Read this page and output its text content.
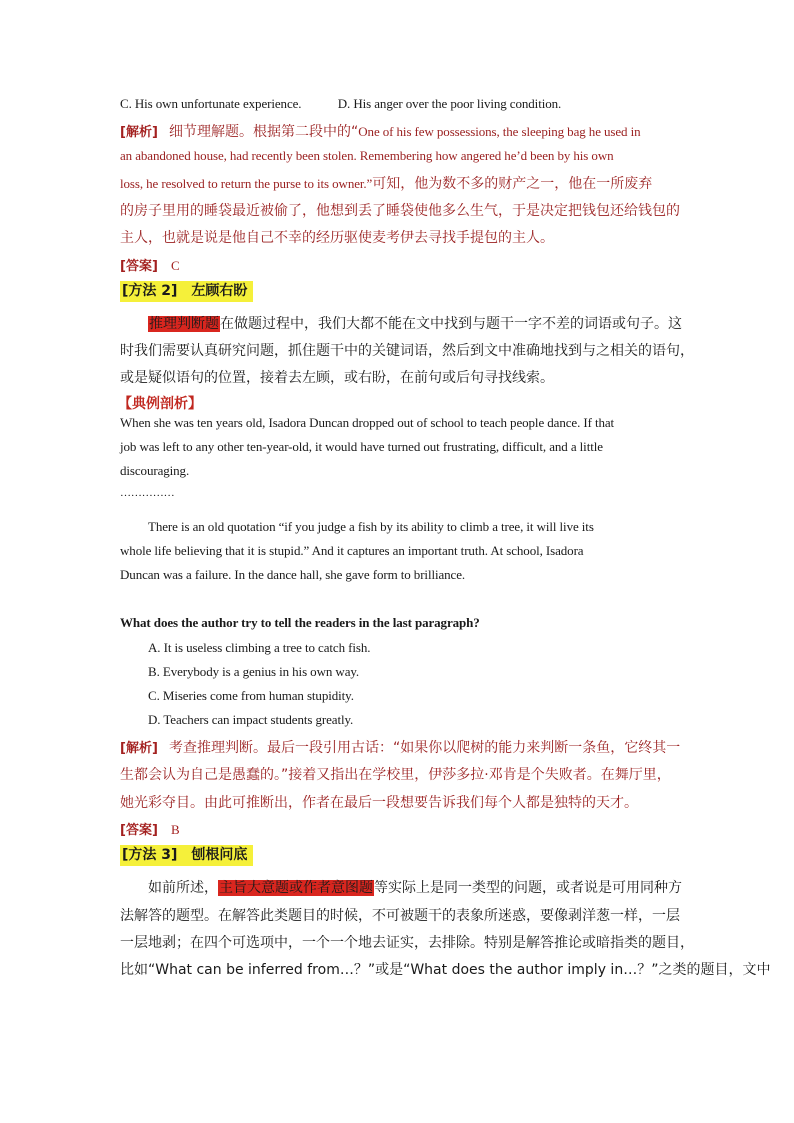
C. His own unfortunate experience.	D. His anger over the poor living condition.
[解析] 细节理解题。根据第二段中的“One of his few possessions, the sleeping bag he used in
an abandoned house, had recently been stolen. Remembering how angered he’d been by his own
loss, he resolved to return the purse to its owner.”可知，他为数不多的财产之一，他在一所废弃
的房子里用的睡袋最近被偷了，他想到丢了睡袋使他多么生气，于是决定把钱包还给钱包的
主人，也就是说是他自己不幸的经历驱使麦考伊去寻找手提包的主人。
[答案] C
[方法 2]　左顾右盼
推理判断题在做题过程中，我们大都不能在文中找到与题干一字不差的词语或句子。这
时我们需要认真研究问题，抓住题干中的关键词语，然后到文中准确地找到与之相关的语句，
或是疑似语句的位置，接着去左顾，或右盼，在前句或后句寻找线索。
【典例剖析】
When she was ten years old, Isadora Duncan dropped out of school to teach people dance. If that
job was left to any other ten-year-old, it would have turned out frustrating, difficult, and a little
discouraging.
……………
There is an old quotation “if you judge a fish by its ability to climb a tree, it will live its
whole life believing that it is stupid.” And it captures an important truth. At school, Isadora
Duncan was a failure. In the dance hall, she gave form to brilliance.
What does the author try to tell the readers in the last paragraph?
A. It is useless climbing a tree to catch fish.
B. Everybody is a genius in his own way.
C. Miseries come from human stupidity.
D. Teachers can impact students greatly.
[解析] 考查推理判断。最后一段引用古话：“如果你以爬树的能力来判断一条鱼，它终其一
生都会认为自己是愚蠢的。”接着又指出在学校里，伊莎多拉·邓肯是个失败者。在舞厅里，
她光彩夺目。由此可推断出，作者在最后一段想要告诉我们每个人都是独特的天才。
[答案] B
[方法 3]　刨根问底
如前所述，主旨大意题或作者意图题等实际上是同一类型的问题，或者说是可用同种方
法解答的题型。在解答此类题目的时候，不可被题干的表象所迷惑，要像剥洋葱一样，一层
一层地剥；在四个可选项中，一个一个地去证实，去排除。特别是解答推论或暗指类的题目，
比如“What can be inferred from…？”或是“What does the author imply in…？”之类的题目，文中
